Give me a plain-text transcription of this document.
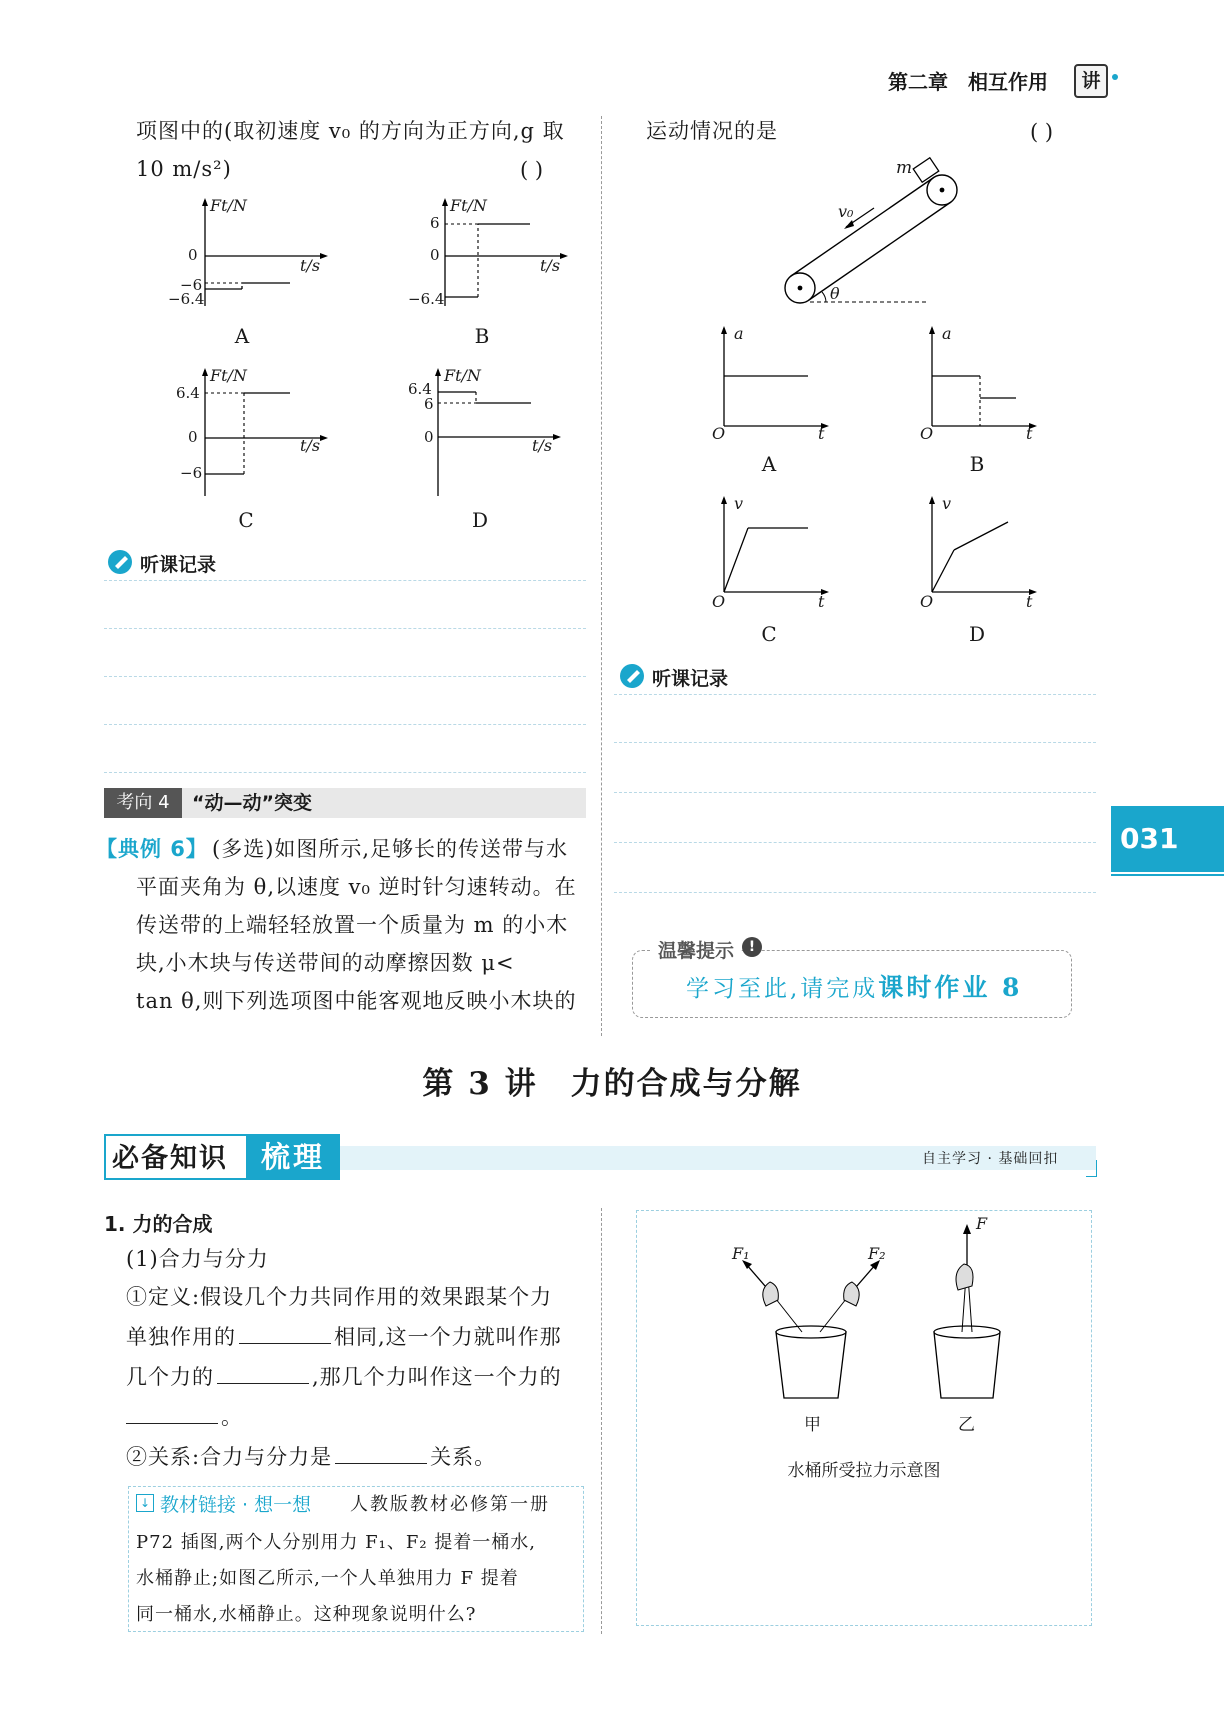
第二章 相互作用	讲
031
项图中的(取初速度 v₀ 的方向为正方向,g 取
10 m/s²)	( )
Ft/N
t/s
0
−6
−6.4
A
Ft/N
t/s
6
0
−6.4
B
Ft/N
t/s
6.4
0
−6
C
Ft/N
t/s
6.4
6
0
D
听课记录
考向 4	“动—动”突变
【典例 6】 (多选)如图所示,足够长的传送带与水
平面夹角为 θ,以速度 v₀ 逆时针匀速转动。在
传送带的上端轻轻放置一个质量为 m 的小木
块,小木块与传送带间的动摩擦因数 μ<
tan θ,则下列选项图中能客观地反映小木块的
运动情况的是	( )
m
v₀
θ
a
t
O
A
a
t
O
B
v
t
O
C
v
t
O
D
听课记录
温馨提示	!
学习至此,请完成课时作业 8
第 3 讲　力的合成与分解
必备知识	梳理	自主学习 · 基础回扣
1. 力的合成
(1)合力与分力
①定义:假设几个力共同作用的效果跟某个力
单独作用的	相同,这一个力就叫作那
几个力的	,那几个力叫作这一个力的
。
②关系:合力与分力是	关系。
↓ 教材链接 · 想一想 人教版教材必修第一册
P72 插图,两个人分别用力 F₁、F₂ 提着一桶水,
水桶静止;如图乙所示,一个人单独用力 F 提着
同一桶水,水桶静止。这种现象说明什么?
F₁	F₂
F
甲	乙
水桶所受拉力示意图
